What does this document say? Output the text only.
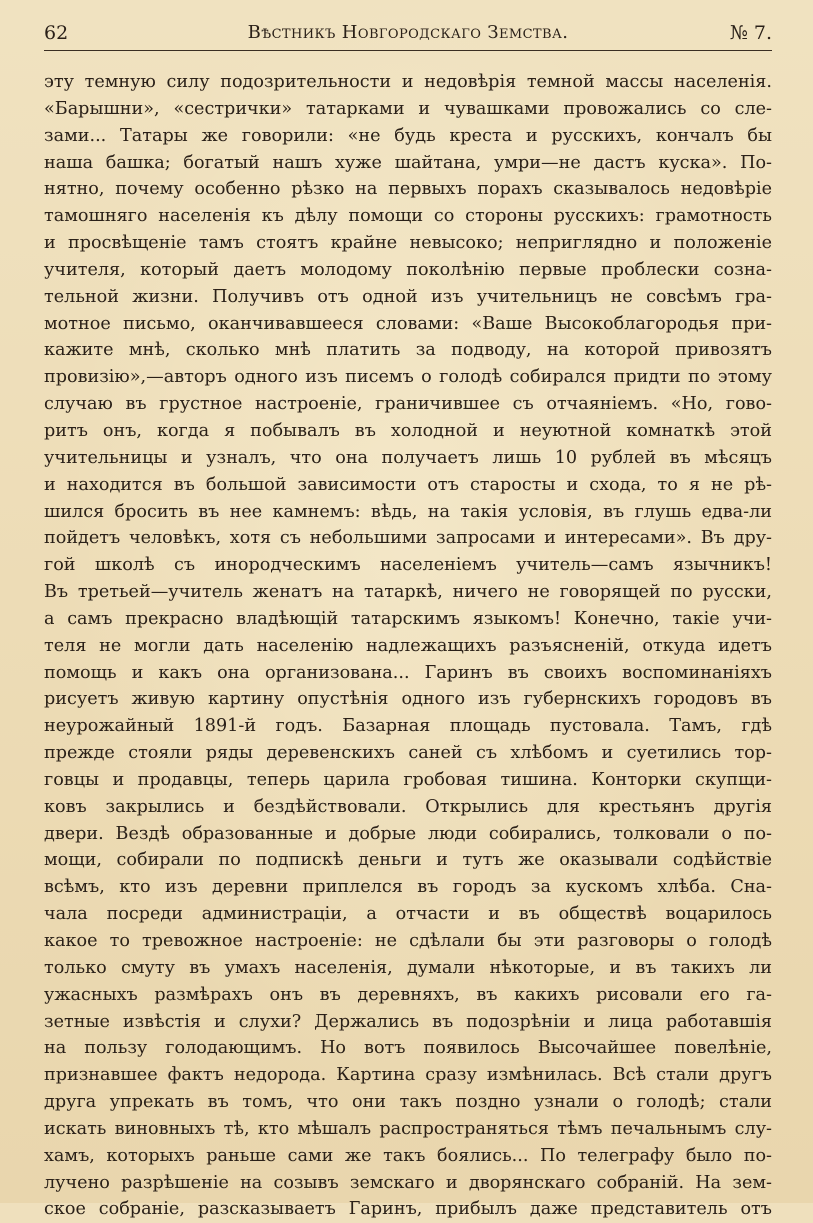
62	Вѣстникъ Новгородскаго Земства.	№ 7.
эту темную силу подозрительности и недовѣрія темной массы населенія.
«Барышни», «сестрички» татарками и чувашками провожались со сле-
зами... Татары же говорили: «не будь креста и русскихъ, кончалъ бы
наша башка; богатый нашъ хуже шайтана, умри—не дастъ куска». По-
нятно, почему особенно рѣзко на первыхъ порахъ сказывалось недовѣріе
тамошняго населенія къ дѣлу помощи со стороны русскихъ: грамотность
и просвѣщеніе тамъ стоятъ крайне невысоко; неприглядно и положеніе
учителя, который даетъ молодому поколѣнію первые проблески созна-
тельной жизни. Получивъ отъ одной изъ учительницъ не совсѣмъ гра-
мотное письмо, оканчивавшееся словами: «Ваше Высокоблагородья при-
кажите мнѣ, сколько мнѣ платить за подводу, на которой привозятъ
провизію»,—авторъ одного изъ писемъ о голодѣ собирался придти по этому
случаю въ грустное настроеніе, граничившее съ отчаяніемъ. «Но, гово-
ритъ онъ, когда я побывалъ въ холодной и неуютной комнаткѣ этой
учительницы и узналъ, что она получаетъ лишь 10 рублей въ мѣсяцъ
и находится въ большой зависимости отъ старосты и схода, то я не рѣ-
шился бросить въ нее камнемъ: вѣдь, на такія условія, въ глушь едва-ли
пойдетъ человѣкъ, хотя съ небольшими запросами и интересами». Въ дру-
гой школѣ съ инородческимъ населеніемъ учитель—самъ язычникъ!
Въ третьей—учитель женатъ на татаркѣ, ничего не говорящей по русски,
а самъ прекрасно владѣющій татарскимъ языкомъ! Конечно, такіе учи-
теля не могли дать населенію надлежащихъ разъясненій, откуда идетъ
помощь и какъ она организована... Гаринъ въ своихъ воспоминаніяхъ
рисуетъ живую картину опустѣнія одного изъ губернскихъ городовъ въ
неурожайный 1891-й годъ. Базарная площадь пустовала. Тамъ, гдѣ
прежде стояли ряды деревенскихъ саней съ хлѣбомъ и суетились тор-
говцы и продавцы, теперь царила гробовая тишина. Конторки скупщи-
ковъ закрылись и бездѣйствовали. Открылись для крестьянъ другія
двери. Вездѣ образованные и добрые люди собирались, толковали о по-
мощи, собирали по подпискѣ деньги и тутъ же оказывали содѣйствіе
всѣмъ, кто изъ деревни приплелся въ городъ за кускомъ хлѣба. Сна-
чала посреди администраціи, а отчасти и въ обществѣ воцарилось
какое то тревожное настроеніе: не сдѣлали бы эти разговоры о голодѣ
только смуту въ умахъ населенія, думали нѣкоторые, и въ такихъ ли
ужасныхъ размѣрахъ онъ въ деревняхъ, въ какихъ рисовали его га-
зетные извѣстія и слухи? Держались въ подозрѣніи и лица работавшія
на пользу голодающимъ. Но вотъ появилось Высочайшее повелѣніе,
признавшее фактъ недорода. Картина сразу измѣнилась. Всѣ стали другъ
друга упрекать въ томъ, что они такъ поздно узнали о голодѣ; стали
искать виновныхъ тѣ, кто мѣшалъ распространяться тѣмъ печальнымъ слу-
хамъ, которыхъ раньше сами же такъ боялись... По телеграфу было по-
лучено разрѣшеніе на созывъ земскаго и дворянскаго собраній. На зем-
ское собраніе, разсказываетъ Гаринъ, прибылъ даже представитель отъ
